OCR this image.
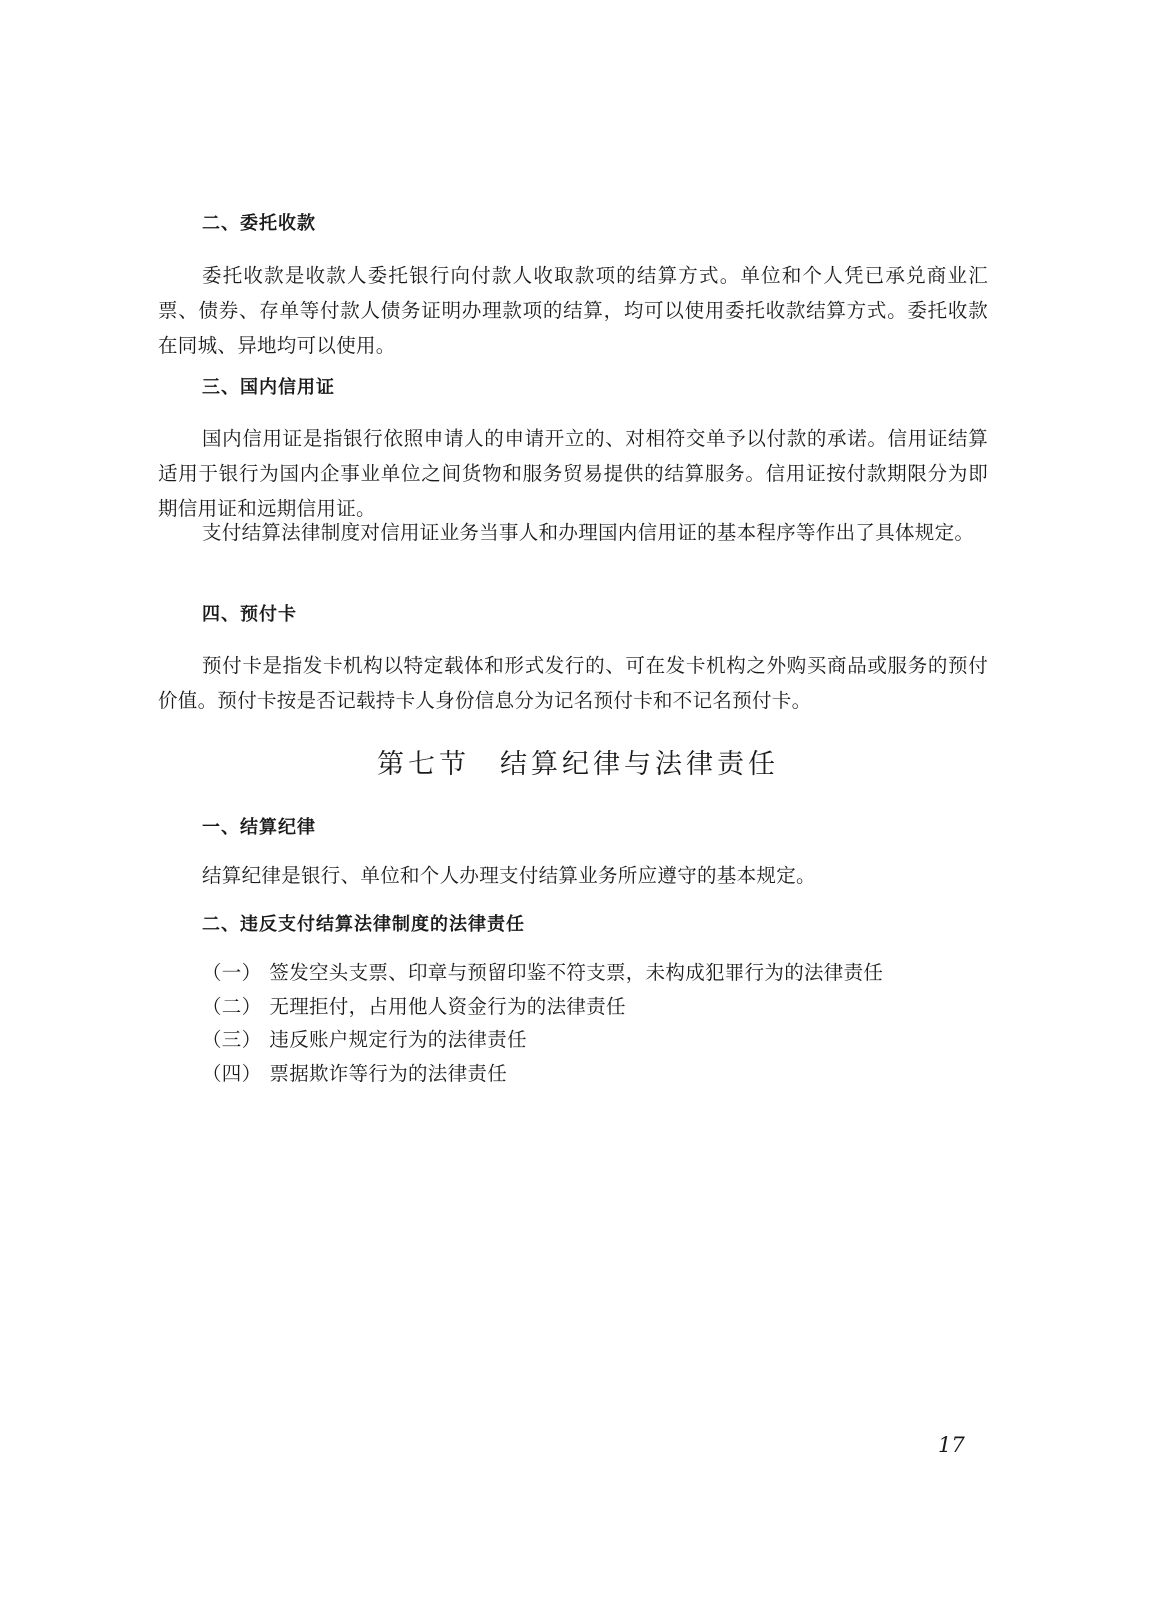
二、委托收款

委托收款是收款人委托银行向付款人收取款项的结算方式。单位和个人凭已承兑商业汇票、债券、存单等付款人债务证明办理款项的结算，均可以使用委托收款结算方式。委托收款在同城、异地均可以使用。

三、国内信用证

国内信用证是指银行依照申请人的申请开立的、对相符交单予以付款的承诺。信用证结算适用于银行为国内企事业单位之间货物和服务贸易提供的结算服务。信用证按付款期限分为即期信用证和远期信用证。

支付结算法律制度对信用证业务当事人和办理国内信用证的基本程序等作出了具体规定。

四、预付卡

预付卡是指发卡机构以特定载体和形式发行的、可在发卡机构之外购买商品或服务的预付价值。预付卡按是否记载持卡人身份信息分为记名预付卡和不记名预付卡。

第七节 结算纪律与法律责任
一、结算纪律

结算纪律是银行、单位和个人办理支付结算业务所应遵守的基本规定。

二、违反支付结算法律制度的法律责任
（一） 签发空头支票、印章与预留印鉴不符支票，未构成犯罪行为的法律责任
（二） 无理拒付，占用他人资金行为的法律责任
（三） 违反账户规定行为的法律责任
（四） 票据欺诈等行为的法律责任
17
